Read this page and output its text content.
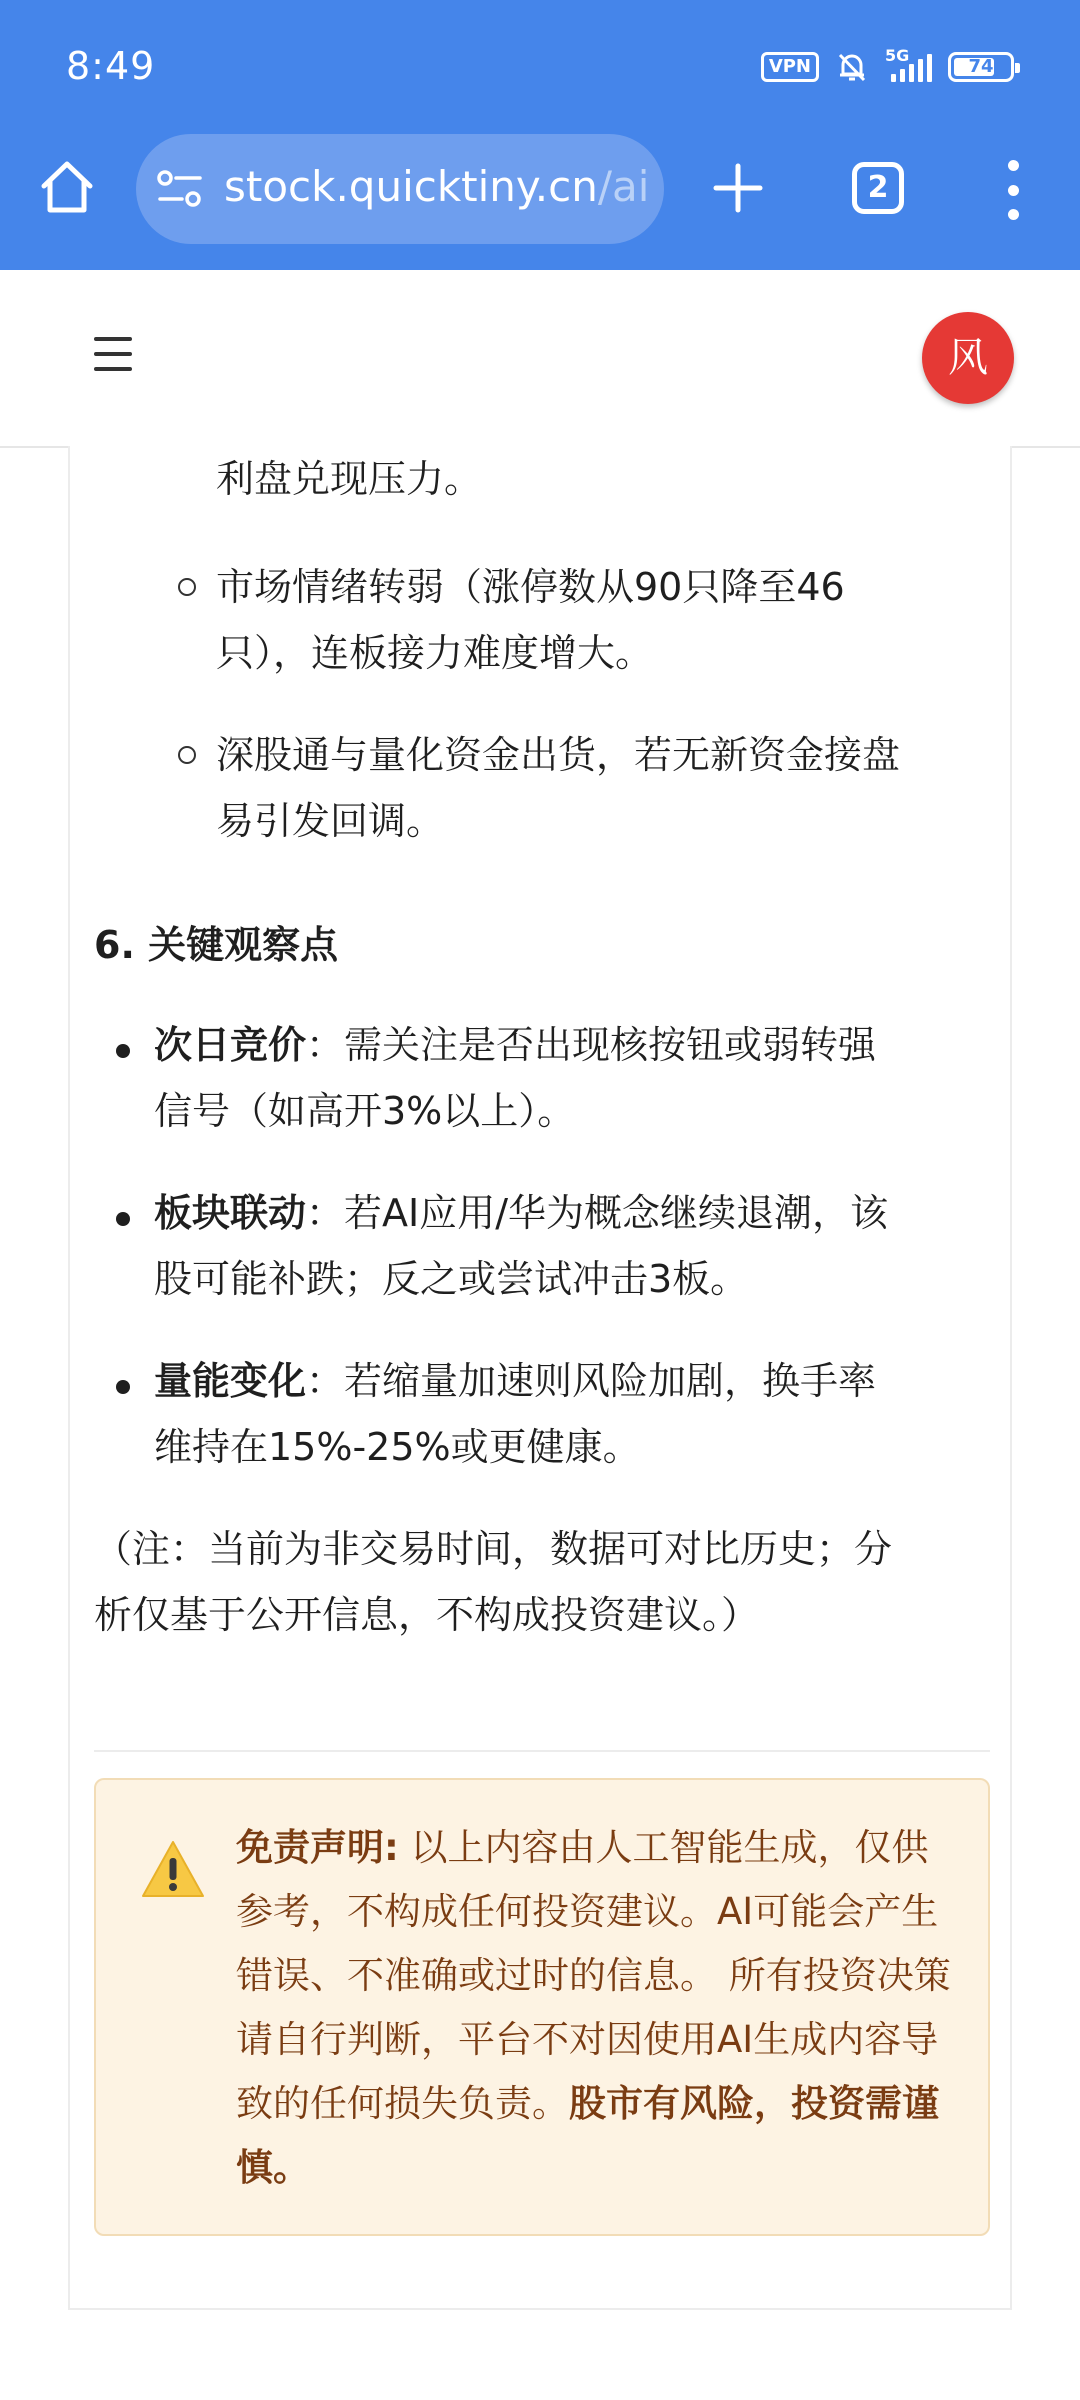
8:49	VPN
5G
74
stock.quicktiny.cn/ai	2
风
利盘兑现压力。
市场情绪转弱（涨停数从90只降至46
只），连板接力难度增大。
深股通与量化资金出货，若无新资金接盘
易引发回调。
6. 关键观察点
次日竞价：需关注是否出现核按钮或弱转强
信号（如高开3%以上）。
板块联动：若AI应用/华为概念继续退潮，该
股可能补跌；反之或尝试冲击3板。
量能变化：若缩量加速则风险加剧，换手率
维持在15%-25%或更健康。
（注：当前为非交易时间，数据可对比历史；分
析仅基于公开信息，不构成投资建议。）
免责声明: 以上内容由人工智能生成，仅供参考，不构成任何投资建议。AI可能会产生错误、不准确或过时的信息。 所有投资决策请自行判断，平台不对因使用AI生成内容导致的任何损失负责。股市有风险，投资需谨慎。
